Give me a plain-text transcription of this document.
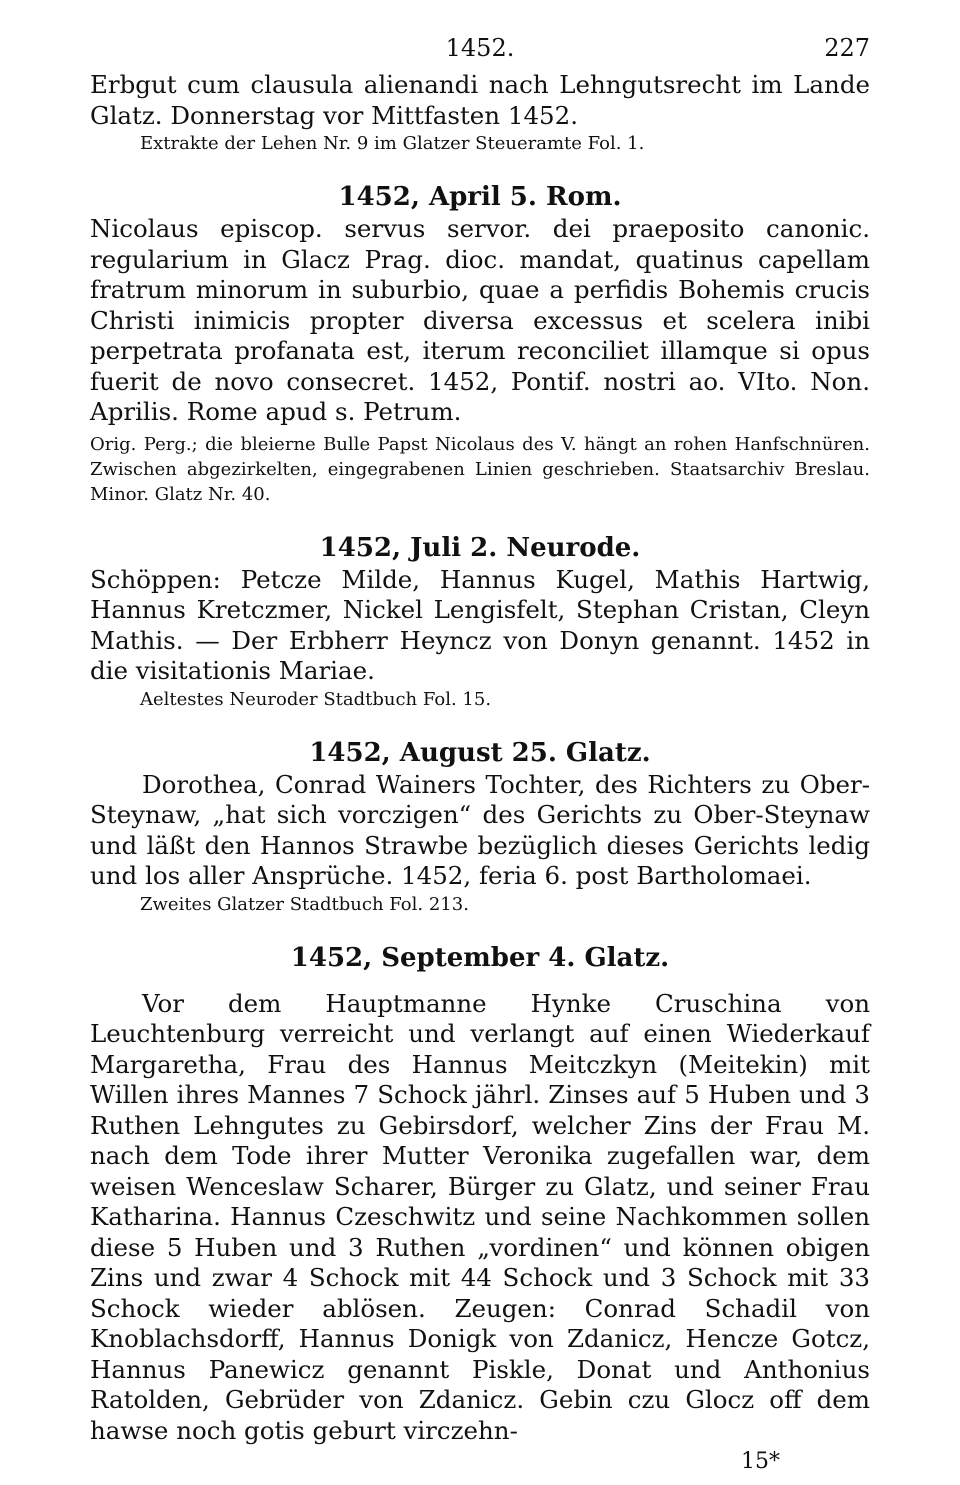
1452.	227

Erbgut cum clausula alienandi nach Lehngutsrecht im Lande Glatz. Donnerstag vor Mittfasten 1452.

Extrakte der Lehen Nr. 9 im Glatzer Steueramte Fol. 1.

1452, April 5. Rom.

Nicolaus episcop. servus servor. dei praeposito canonic. regularium in Glacz Prag. dioc. mandat, quatinus capellam fratrum minorum in suburbio, quae a perfidis Bohemis crucis Christi inimicis propter diversa excessus et scelera inibi perpetrata profanata est, iterum reconciliet illamque si opus fuerit de novo consecret. 1452, Pontif. nostri ao. VIto. Non. Aprilis. Rome apud s. Petrum.

Orig. Perg.; die bleierne Bulle Papst Nicolaus des V. hängt an rohen Hanfschnüren. Zwischen abgezirkelten, eingegrabenen Linien geschrieben. Staatsarchiv Breslau. Minor. Glatz Nr. 40.

1452, Juli 2. Neurode.

Schöppen: Petcze Milde, Hannus Kugel, Mathis Hartwig, Hannus Kretczmer, Nickel Lengisfelt, Stephan Cristan, Cleyn Mathis. — Der Erbherr Heyncz von Donyn genannt. 1452 in die visitationis Mariae.

Aeltestes Neuroder Stadtbuch Fol. 15.

1452, August 25. Glatz.

Dorothea, Conrad Wainers Tochter, des Richters zu Ober-Steynaw, „hat sich vorczigen“ des Gerichts zu Ober-Steynaw und läßt den Hannos Strawbe bezüglich dieses Gerichts ledig und los aller Ansprüche. 1452, feria 6. post Bartholomaei.

Zweites Glatzer Stadtbuch Fol. 213.

1452, September 4. Glatz.

Vor dem Hauptmanne Hynke Cruschina von Leuchtenburg verreicht und verlangt auf einen Wiederkauf Margaretha, Frau des Hannus Meitczkyn (Meitekin) mit Willen ihres Mannes 7 Schock jährl. Zinses auf 5 Huben und 3 Ruthen Lehngutes zu Gebirsdorf, welcher Zins der Frau M. nach dem Tode ihrer Mutter Veronika zugefallen war, dem weisen Wenceslaw Scharer, Bürger zu Glatz, und seiner Frau Katharina. Hannus Czeschwitz und seine Nachkommen sollen diese 5 Huben und 3 Ruthen „vordinen“ und können obigen Zins und zwar 4 Schock mit 44 Schock und 3 Schock mit 33 Schock wieder ablösen. Zeugen: Conrad Schadil von Knoblachsdorff, Hannus Donigk von Zdanicz, Hencze Gotcz, Hannus Panewicz genannt Piskle, Donat und Anthonius Ratolden, Gebrüder von Zdanicz. Gebin czu Glocz off dem hawse noch gotis geburt virczehn-

15*
